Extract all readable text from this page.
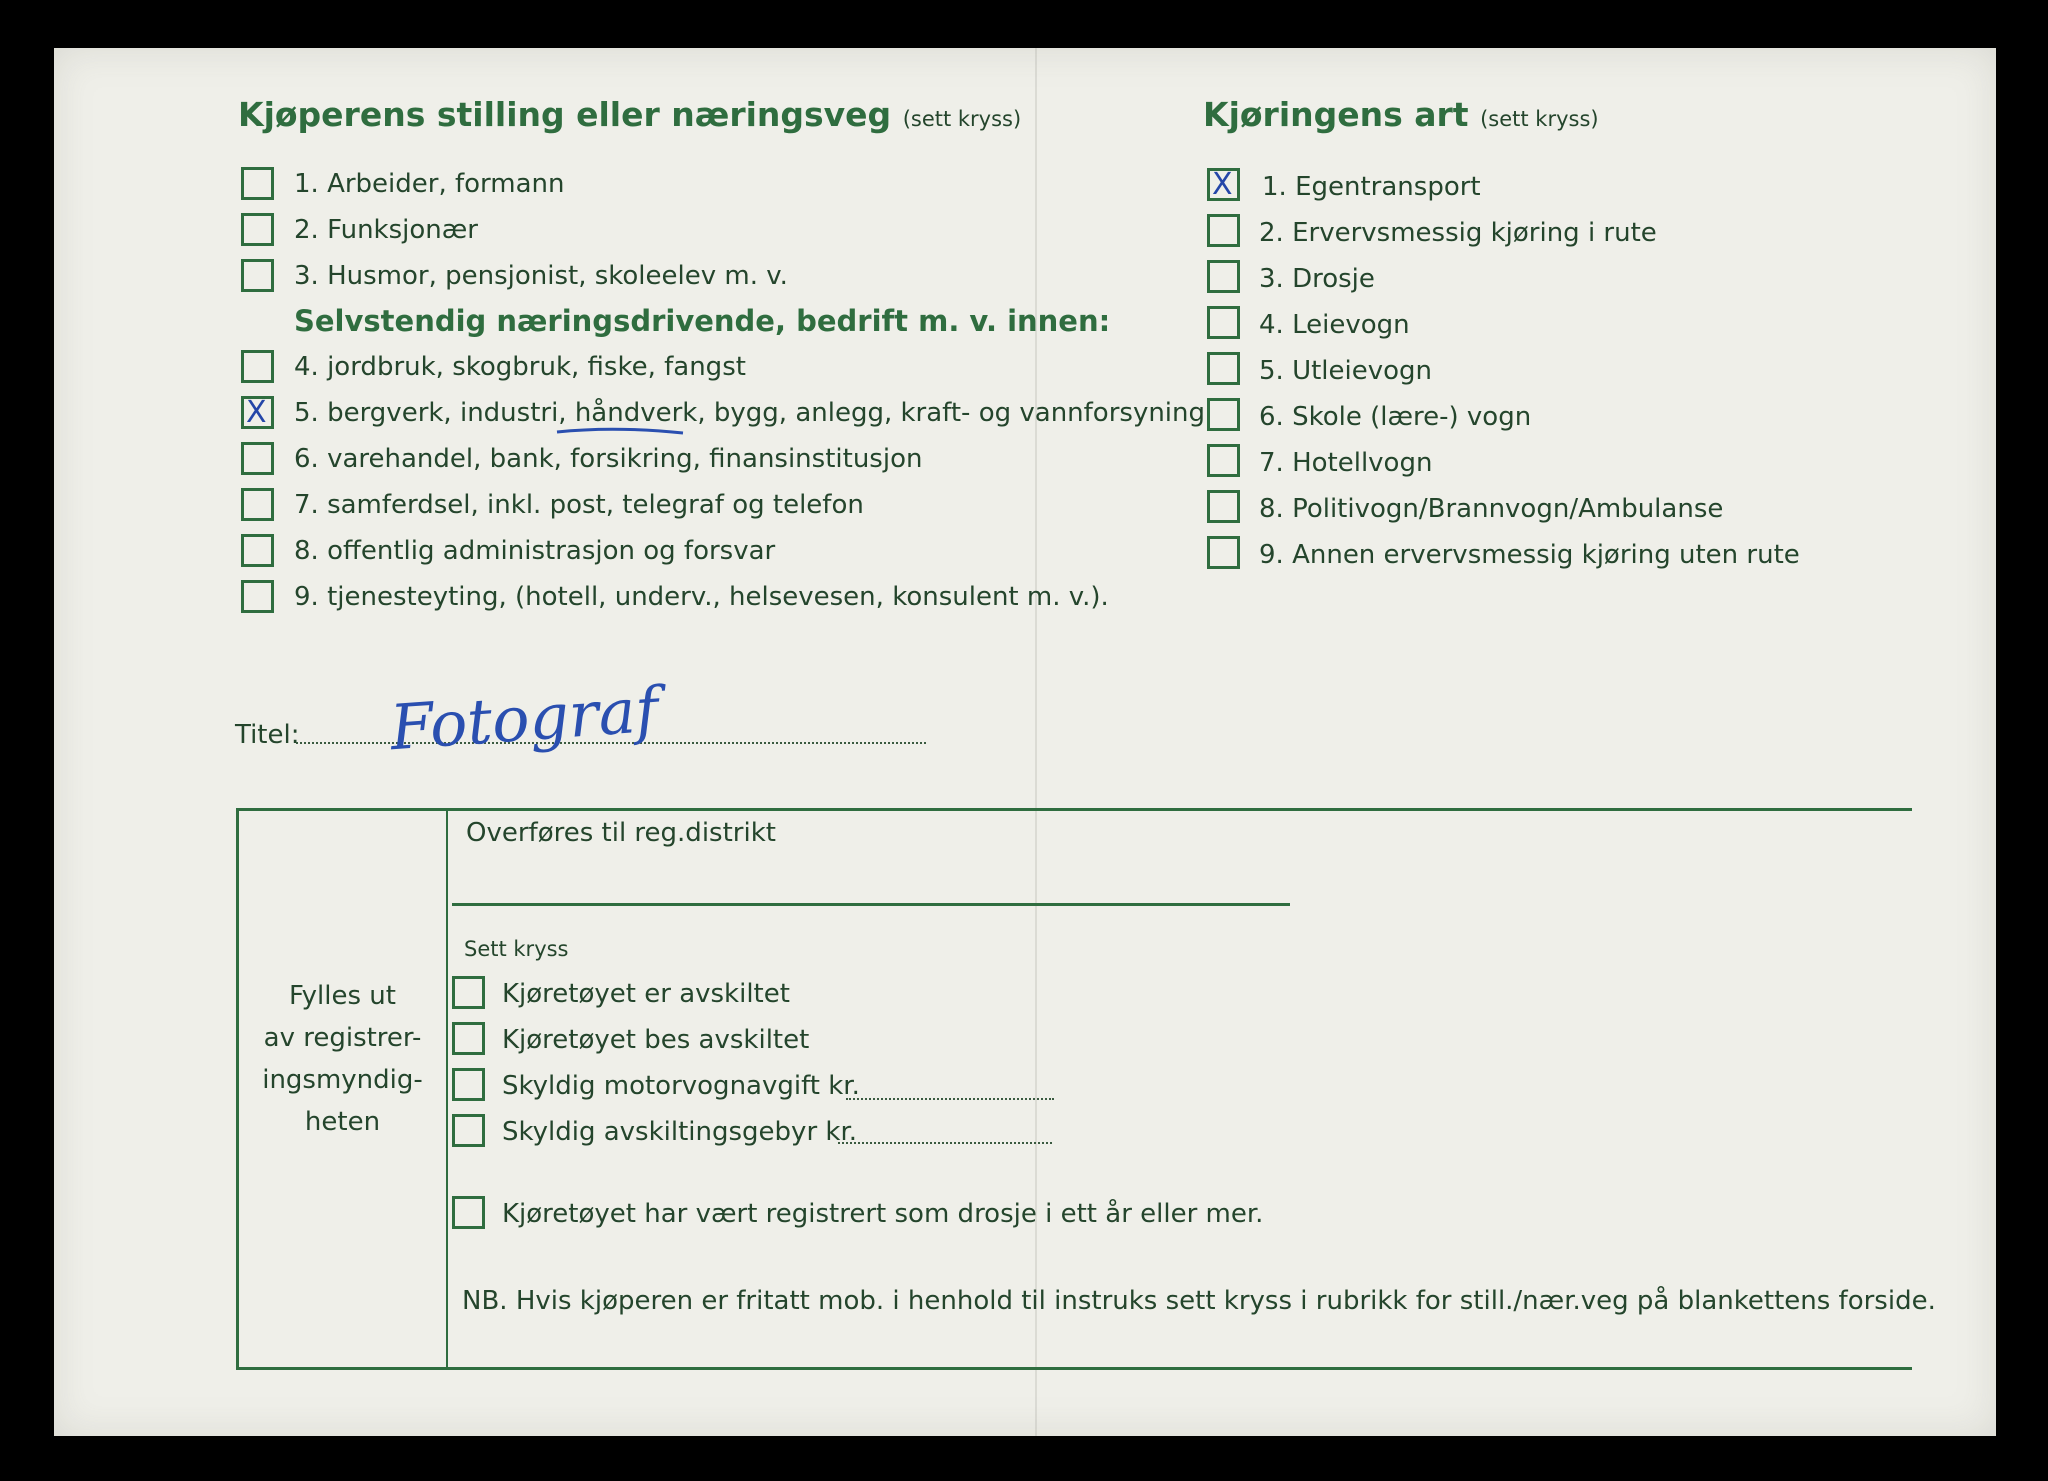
Kjøperens stilling eller næringsveg (sett kryss)
1. Arbeider, formann
2. Funksjonær
3. Husmor, pensjonist, skoleelev m. v.
Selvstendig næringsdrivende, bedrift m. v. innen:
4. jordbruk, skogbruk, fiske, fangst
X 5. bergverk, industri, håndverk, bygg, anlegg, kraft- og vannforsyning
6. varehandel, bank, forsikring, finansinstitusjon
7. samferdsel, inkl. post, telegraf og telefon
8. offentlig administrasjon og forsvar
9. tjenesteyting, (hotell, underv., helsevesen, konsulent m. v.).
Kjøringens art (sett kryss)
X 1. Egentransport
2. Ervervsmessig kjøring i rute
3. Drosje
4. Leievogn
5. Utleievogn
6. Skole (lære-) vogn
7. Hotellvogn
8. Politivogn/Brannvogn/Ambulanse
9. Annen ervervsmessig kjøring uten rute
Titel: Fotograf
Fylles ut
av registrer-
ingsmyndig-
heten
Overføres til reg.distrikt
Sett kryss
Kjøretøyet er avskiltet
Kjøretøyet bes avskiltet
Skyldig motorvognavgift kr.
Skyldig avskiltingsgebyr kr.
Kjøretøyet har vært registrert som drosje i ett år eller mer.
NB. Hvis kjøperen er fritatt mob. i henhold til instruks sett kryss i rubrikk for still./nær.veg på blankettens forside.
